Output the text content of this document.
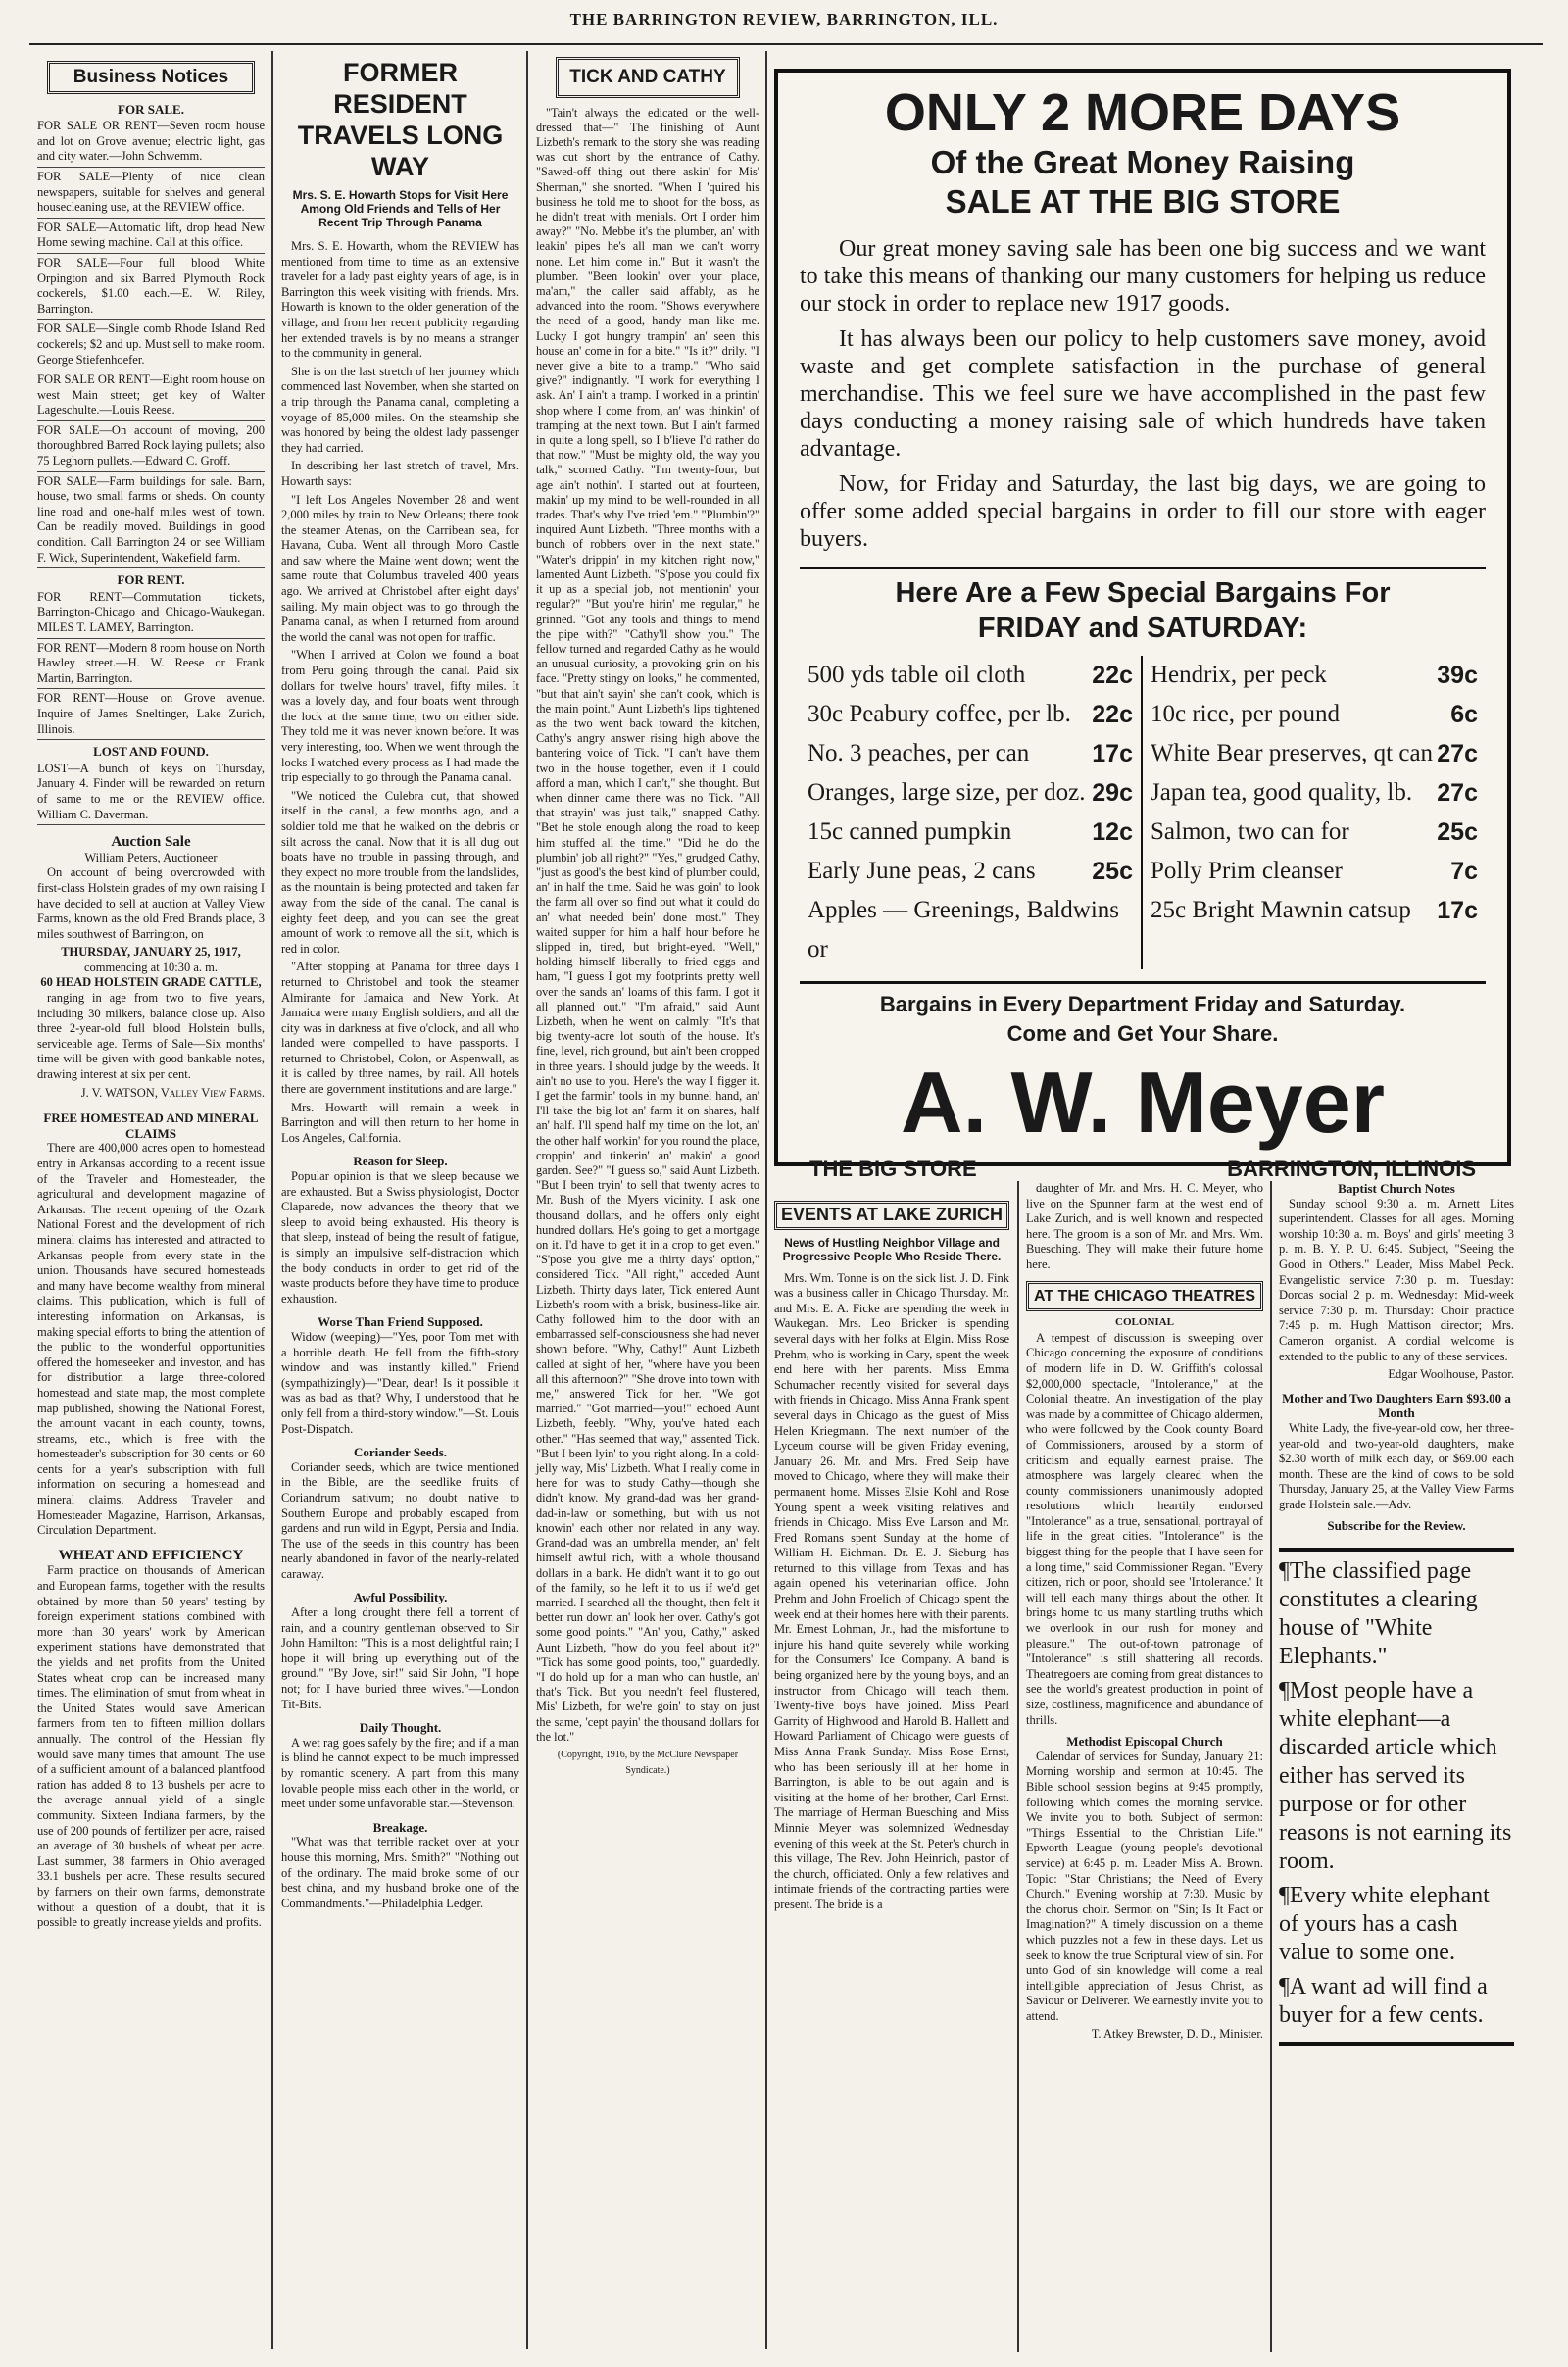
THE BARRINGTON REVIEW, BARRINGTON, ILL.
Business Notices
FOR SALE.
FOR SALE OR RENT—Seven room house and lot on Grove avenue; electric light, gas and city water.—John Schwemm.
FOR SALE—Plenty of nice clean newspapers, suitable for shelves and general housecleaning use, at the REVIEW office.
FOR SALE—Automatic lift, drop head New Home sewing machine. Call at this office.
FOR SALE—Four full blood White Orpington and six Barred Plymouth Rock cockerels, $1.00 each.—E. W. Riley, Barrington.
FOR SALE—Single comb Rhode Island Red cockerels; $2 and up. Must sell to make room. George Stiefenhoefer.
FOR SALE OR RENT—Eight room house on west Main street; get key of Walter Lageschulte.—Louis Reese.
FOR SALE—On account of moving, 200 thoroughbred Barred Rock laying pullets; also 75 Leghorn pullets.—Edward C. Groff.
FOR SALE—Farm buildings for sale. Barn, house, two small farms or sheds. On county line road and one-half miles west of town. Can be readily moved. Buildings in good condition. Call Barrington 24 or see William F. Wick, Superintendent, Wakefield farm.
FOR RENT.
FOR RENT—Commutation tickets, Barrington-Chicago and Chicago-Waukegan. MILES T. LAMEY, Barrington.
FOR RENT—Modern 8 room house on North Hawley street.—H. W. Reese or Frank Martin, Barrington.
FOR RENT—House on Grove avenue. Inquire of James Sneltinger, Lake Zurich, Illinois.
LOST AND FOUND.
LOST—A bunch of keys on Thursday, January 4. Finder will be rewarded on return of same to me or the REVIEW office. William C. Daverman.
Auction Sale
William Peters, Auctioneer

On account of being overcrowded with first-class Holstein grades of my own raising I have decided to sell at auction at Valley View Farms, known as the old Fred Brands place, 3 miles southwest of Barrington, on

THURSDAY, JANUARY 25, 1917,
commencing at 10:30 a. m.
60 HEAD HOLSTEIN GRADE CATTLE,

ranging in age from two to five years, including 30 milkers, balance close up. Also three 2-year-old full blood Holstein bulls, serviceable age. Terms of Sale—Six months' time will be given with good bankable notes, drawing interest at six per cent.

J. V. WATSON, Valley View Farms.
FREE HOMESTEAD AND MINERAL CLAIMS

There are 400,000 acres open to homestead entry in Arkansas according to a recent issue of the Traveler and Homesteader, the agricultural and development magazine of Arkansas. The recent opening of the Ozark National Forest and the development of rich mineral claims has interested and attracted to Arkansas people from every state in the union. Thousands have secured homesteads and many have become wealthy from mineral claims. This publication, which is full of interesting information on Arkansas, is making special efforts to bring the attention of the public to the wonderful opportunities offered the homeseeker and investor, and has for distribution a large three-colored homestead and state map, the most complete map published, showing the National Forest, the amount vacant in each county, towns, streams, etc., which is free with the homesteader's subscription for 30 cents or 60 cents for a year's subscription with full information on securing a homestead and mineral claims. Address Traveler and Homesteader Magazine, Harrison, Arkansas, Circulation Department.

WHEAT AND EFFICIENCY

Farm practice on thousands of American and European farms, together with the results obtained by more than 50 years' testing by foreign experiment stations combined with more than 30 years' work by American experiment stations have demonstrated that the yields and net profits from the United States wheat crop can be increased many times. The elimination of smut from wheat in the United States would save American farmers from ten to fifteen million dollars annually. The control of the Hessian fly would save many times that amount. The use of a sufficient amount of a balanced plantfood ration has added 8 to 13 bushels per acre to the average annual yield of a single community. Sixteen Indiana farmers, by the use of 200 pounds of fertilizer per acre, raised an average of 30 bushels of wheat per acre. Last summer, 38 farmers in Ohio averaged 33.1 bushels per acre. These results secured by farmers on their own farms, demonstrate without a question of a doubt, that it is possible to greatly increase yields and profits.

FORMER RESIDENT
TRAVELS LONG WAY
Mrs. S. E. Howarth Stops for Visit Here Among Old Friends and Tells of Her Recent Trip Through Panama

Mrs. S. E. Howarth, whom the REVIEW has mentioned from time to time as an extensive traveler for a lady past eighty years of age, is in Barrington this week visiting with friends. Mrs. Howarth is known to the older generation of the village, and from her recent publicity regarding her extended travels is by no means a stranger to the community in general.

She is on the last stretch of her journey which commenced last November, when she started on a trip through the Panama canal, completing a voyage of 85,000 miles. On the steamship she was honored by being the oldest lady passenger they had carried.

In describing her last stretch of travel, Mrs. Howarth says:

"I left Los Angeles November 28 and went 2,000 miles by train to New Orleans; there took the steamer Atenas, on the Carribean sea, for Havana, Cuba. Went all through Moro Castle and saw where the Maine went down; went the same route that Columbus traveled 400 years ago. We arrived at Christobel after eight days' sailing. My main object was to go through the Panama canal, as when I returned from around the world the canal was not open for traffic.

"When I arrived at Colon we found a boat from Peru going through the canal. Paid six dollars for twelve hours' travel, fifty miles. It was a lovely day, and four boats went through the lock at the same time, two on either side. They told me it was never known before. It was very interesting, too. When we went through the locks I watched every process as I had made the trip especially to go through the Panama canal.

"We noticed the Culebra cut, that showed itself in the canal, a few months ago, and a soldier told me that he walked on the debris or silt across the canal. Now that it is all dug out boats have no trouble in passing through, and they expect no more trouble from the landslides, as the mountain is being protected and taken far away from the side of the canal. The canal is eighty feet deep, and you can see the great amount of work to remove all the silt, which is red in color.

"After stopping at Panama for three days I returned to Christobel and took the steamer Almirante for Jamaica and New York. At Jamaica were many English soldiers, and all the city was in darkness at five o'clock, and all who landed were compelled to have passports. I returned to Christobel, Colon, or Aspenwall, as it is called by three names, by rail. All hotels there are government institutions and are large."

Mrs. Howarth will remain a week in Barrington and will then return to her home in Los Angeles, California.

Reason for Sleep.

Popular opinion is that we sleep because we are exhausted. But a Swiss physiologist, Doctor Claparede, now advances the theory that we sleep to avoid being exhausted. His theory is that sleep, instead of being the result of fatigue, is simply an impulsive self-distraction which the body conducts in order to get rid of the waste products before they have time to produce exhaustion.

Worse Than Friend Supposed.

Widow (weeping)—"Yes, poor Tom met with a horrible death. He fell from the fifth-story window and was instantly killed." Friend (sympathizingly)—"Dear, dear! Is it possible it was as bad as that? Why, I understood that he only fell from a third-story window."—St. Louis Post-Dispatch.

Coriander Seeds.

Coriander seeds, which are twice mentioned in the Bible, are the seedlike fruits of Coriandrum sativum; no doubt native to Southern Europe and probably escaped from gardens and run wild in Egypt, Persia and India. The use of the seeds in this country has been nearly abandoned in favor of the nearly-related caraway.

Awful Possibility.

After a long drought there fell a torrent of rain, and a country gentleman observed to Sir John Hamilton: "This is a most delightful rain; I hope it will bring up everything out of the ground." "By Jove, sir!" said Sir John, "I hope not; for I have buried three wives."—London Tit-Bits.

Daily Thought.

A wet rag goes safely by the fire; and if a man is blind he cannot expect to be much impressed by romantic scenery. A part from this many lovable people miss each other in the world, or meet under some unfavorable star.—Stevenson.

Breakage.

"What was that terrible racket over at your house this morning, Mrs. Smith?" "Nothing out of the ordinary. The maid broke some of our best china, and my husband broke one of the Commandments."—Philadelphia Ledger.

TICK AND CATHY

"Tain't always the edicated or the well-dressed that—" The finishing of Aunt Lizbeth's remark to the story she was reading was cut short by the entrance of Cathy. "Sawed-off thing out there askin' for Mis' Sherman," she snorted. "When I 'quired his business he told me to shoot for the boss, as he didn't treat with menials. Ort I order him away?" "No. Mebbe it's the plumber, an' with leakin' pipes he's all man we can't worry none. Let him come in." But it wasn't the plumber. "Been lookin' over your place, ma'am," the caller said affably, as he advanced into the room. "Shows everywhere the need of a good, handy man like me. Lucky I got hungry trampin' an' seen this house an' come in for a bite." "Is it?" drily. "I never give a bite to a tramp." "Who said give?" indignantly. "I work for everything I ask. An' I ain't a tramp. I worked in a printin' shop where I come from, an' was thinkin' of tramping at the next town. But I ain't farmed in quite a long spell, so I b'lieve I'd rather do that now." "Must be mighty old, the way you talk," scorned Cathy. "I'm twenty-four, but age ain't nothin'. I started out at fourteen, makin' up my mind to be well-rounded in all trades. That's why I've tried 'em." "Plumbin'?" inquired Aunt Lizbeth. "Three months with a bunch of robbers over in the next state." "Water's drippin' in my kitchen right now," lamented Aunt Lizbeth. "S'pose you could fix it up as a special job, not mentionin' your regular?" "But you're hirin' me regular," he grinned. "Got any tools and things to mend the pipe with?" "Cathy'll show you." The fellow turned and regarded Cathy as he would an unusual curiosity, a provoking grin on his face. "Pretty stingy on looks," he commented, "but that ain't sayin' she can't cook, which is the main point." Aunt Lizbeth's lips tightened as the two went back toward the kitchen, Cathy's angry answer rising high above the bantering voice of Tick. "I can't have them two in the house together, even if I could afford a man, which I can't," she thought. But when dinner came there was no Tick. "All that strayin' was just talk," snapped Cathy. "Bet he stole enough along the road to keep him stuffed all the time." "Did he do the plumbin' job all right?" "Yes," grudged Cathy, "just as good's the best kind of plumber could, an' in half the time. Said he was goin' to look the farm all over so find out what it could do an' what needed bein' done most." They waited supper for him a half hour before he slipped in, tired, but bright-eyed. "Well," holding himself liberally to fried eggs and ham, "I guess I got my footprints pretty well over the sands an' loams of this farm. I got it all planned out." "I'm afraid," said Aunt Lizbeth, when he went on calmly: "It's that big twenty-acre lot south of the house. It's fine, level, rich ground, but ain't been cropped in three years. I should judge by the weeds. It ain't no use to you. Here's the way I figger it. I get the farmin' tools in my bunnel hand, an' I'll take the big lot an' farm it on shares, half an' half. I'll spend half my time on the lot, an' the other half workin' for you round the place, croppin' and tinkerin' an' makin' a good garden. See?" "I guess so," said Aunt Lizbeth. "But I been tryin' to sell that twenty acres to Mr. Bush of the Myers vicinity. I ask one thousand dollars, and he offers only eight hundred dollars. He's going to get a mortgage on it. I'd have to get it in a crop to get even." "S'pose you give me a thirty days' option," considered Tick. "All right," acceded Aunt Lizbeth. Thirty days later, Tick entered Aunt Lizbeth's room with a brisk, business-like air. Cathy followed him to the door with an embarrassed self-consciousness she had never shown before. "Why, Cathy!" Aunt Lizbeth called at sight of her, "where have you been all this afternoon?" "She drove into town with me," answered Tick for her. "We got married." "Got married—you!" echoed Aunt Lizbeth, feebly. "Why, you've hated each other." "Has seemed that way," assented Tick. "But I been lyin' to you right along. In a cold-jelly way, Mis' Lizbeth. What I really come in here for was to study Cathy—though she didn't know. My grand-dad was her grand-dad-in-law or something, but with us not knowin' each other nor related in any way. Grand-dad was an umbrella mender, an' felt himself awful rich, with a whole thousand dollars in a bank. He didn't want it to go out of the family, so he left it to us if we'd get married. I searched all the thought, then felt it better run down an' look her over. Cathy's got some good points." "An' you, Cathy," asked Aunt Lizbeth, "how do you feel about it?" "Tick has some good points, too," guardedly. "I do hold up for a man who can hustle, an' that's Tick. But you needn't feel flustered, Mis' Lizbeth, for we're goin' to stay on just the same, 'cept payin' the thousand dollars for the lot."

(Copyright, 1916, by the McClure Newspaper Syndicate.)
ONLY 2 MORE DAYS
Of the Great Money Raising
SALE AT THE BIG STORE

Our great money saving sale has been one big success and we want to take this means of thanking our many customers for helping us reduce our stock in order to replace new 1917 goods.

It has always been our policy to help customers save money, avoid waste and get complete satisfaction in the purchase of general merchandise. This we feel sure we have accomplished in the past few days conducting a money raising sale of which hundreds have taken advantage.

Now, for Friday and Saturday, the last big days, we are going to offer some added special bargains in order to fill our store with eager buyers.

Here Are a Few Special Bargains For
FRIDAY and SATURDAY:
500 yds table oil cloth	22c Hendrix, per peck	39c
30c Peabury coffee, per lb. 22c 10c rice, per pound	6c
No. 3 peaches, per can	17c White Bear preserves, qt can 27c
Oranges, large size, per doz. 29c Japan tea, good quality, lb. 27c
15c canned pumpkin	12c Salmon, two can for	25c
Early June peas, 2 cans 25c Polly Prim cleanser	7c
Apples — Greenings, Baldwins or
25c Bright Mawnin catsup 17c
Bargains in Every Department Friday and Saturday.
Come and Get Your Share.
A. W. Meyer
THE BIG STORE	BARRINGTON, ILLINOIS
EVENTS AT LAKE ZURICH
News of Hustling Neighbor Village and Progressive People Who Reside There.

Mrs. Wm. Tonne is on the sick list. J. D. Fink was a business caller in Chicago Thursday. Mr. and Mrs. E. A. Ficke are spending the week in Waukegan. Mrs. Leo Bricker is spending several days with her folks at Elgin. Miss Rose Prehm, who is working in Cary, spent the week end here with her parents. Miss Emma Schumacher recently visited for several days with friends in Chicago. Miss Anna Frank spent several days in Chicago as the guest of Miss Helen Kriegmann. The next number of the Lyceum course will be given Friday evening, January 26. Mr. and Mrs. Fred Seip have moved to Chicago, where they will make their permanent home. Misses Elsie Kohl and Rose Young spent a week visiting relatives and friends in Chicago. Miss Eve Larson and Mr. Fred Romans spent Sunday at the home of William H. Eichman. Dr. E. J. Sieburg has returned to this village from Texas and has again opened his veterinarian office. John Prehm and John Froelich of Chicago spent the week end at their homes here with their parents. Mr. Ernest Lohman, Jr., had the misfortune to injure his hand quite severely while working for the Consumers' Ice Company. A band is being organized here by the young boys, and an instructor from Chicago will teach them. Twenty-five boys have joined. Miss Pearl Garrity of Highwood and Harold B. Hallett and Howard Parliament of Chicago were guests of Miss Anna Frank Sunday. Miss Rose Ernst, who has been seriously ill at her home in Barrington, is able to be out again and is visiting at the home of her brother, Carl Ernst. The marriage of Herman Buesching and Miss Minnie Meyer was solemnized Wednesday evening of this week at the St. Peter's church in this village, The Rev. John Heinrich, pastor of the church, officiated. Only a few relatives and intimate friends of the contracting parties were present. The bride is a

daughter of Mr. and Mrs. H. C. Meyer, who live on the Spunner farm at the west end of Lake Zurich, and is well known and respected here. The groom is a son of Mr. and Mrs. Wm. Buesching. They will make their future home here.

AT THE CHICAGO THEATRES
COLONIAL

A tempest of discussion is sweeping over Chicago concerning the exposure of conditions of modern life in D. W. Griffith's colossal $2,000,000 spectacle, "Intolerance," at the Colonial theatre. An investigation of the play was made by a committee of Chicago aldermen, who were followed by the Cook county Board of Commissioners, aroused by a storm of criticism and equally earnest praise. The atmosphere was largely cleared when the county commissioners unanimously adopted resolutions which heartily endorsed "Intolerance" as a true, sensational, portrayal of life in the great cities. "Intolerance" is the biggest thing for the people that I have seen for a long time," said Commissioner Regan. "Every citizen, rich or poor, should see 'Intolerance.' It will tell each many things about the other. It brings home to us many startling truths which we overlook in our rush for money and pleasure." The out-of-town patronage of "Intolerance" is still shattering all records. Theatregoers are coming from great distances to see the world's greatest production in point of size, costliness, magnificence and abundance of thrills.

Methodist Episcopal Church

Calendar of services for Sunday, January 21: Morning worship and sermon at 10:45. The Bible school session begins at 9:45 promptly, following which comes the morning service. We invite you to both. Subject of sermon: "Things Essential to the Christian Life." Epworth League (young people's devotional service) at 6:45 p. m. Leader Miss A. Brown. Topic: "Star Christians; the Need of Every Church." Evening worship at 7:30. Music by the chorus choir. Sermon on "Sin; Is It Fact or Imagination?" A timely discussion on a theme which puzzles not a few in these days. Let us seek to know the true Scriptural view of sin. For unto God of sin knowledge will come a real intelligible appreciation of Jesus Christ, as Saviour or Deliverer. We earnestly invite you to attend.

T. Atkey Brewster, D. D., Minister.
Baptist Church Notes

Sunday school 9:30 a. m. Arnett Lites superintendent. Classes for all ages. Morning worship 10:30 a. m. Boys' and girls' meeting 3 p. m. B. Y. P. U. 6:45. Subject, "Seeing the Good in Others." Leader, Miss Mabel Peck. Evangelistic service 7:30 p. m. Tuesday: Dorcas social 2 p. m. Wednesday: Mid-week service 7:30 p. m. Thursday: Choir practice 7:45 p. m. Hugh Mattison director; Mrs. Cameron organist. A cordial welcome is extended to the public to any of these services.

Edgar Woolhouse, Pastor.
Mother and Two Daughters Earn $93.00 a Month

White Lady, the five-year-old cow, her three-year-old and two-year-old daughters, make $2.30 worth of milk each day, or $69.00 each month. These are the kind of cows to be sold Thursday, January 25, at the Valley View Farms grade Holstein sale.—Adv.

Subscribe for the Review.
¶The classified page constitutes a clearing house of "White Elephants."
¶Most people have a white elephant—a discarded article which either has served its purpose or for other reasons is not earning its room.
¶Every white elephant of yours has a cash value to some one.
¶A want ad will find a buyer for a few cents.
